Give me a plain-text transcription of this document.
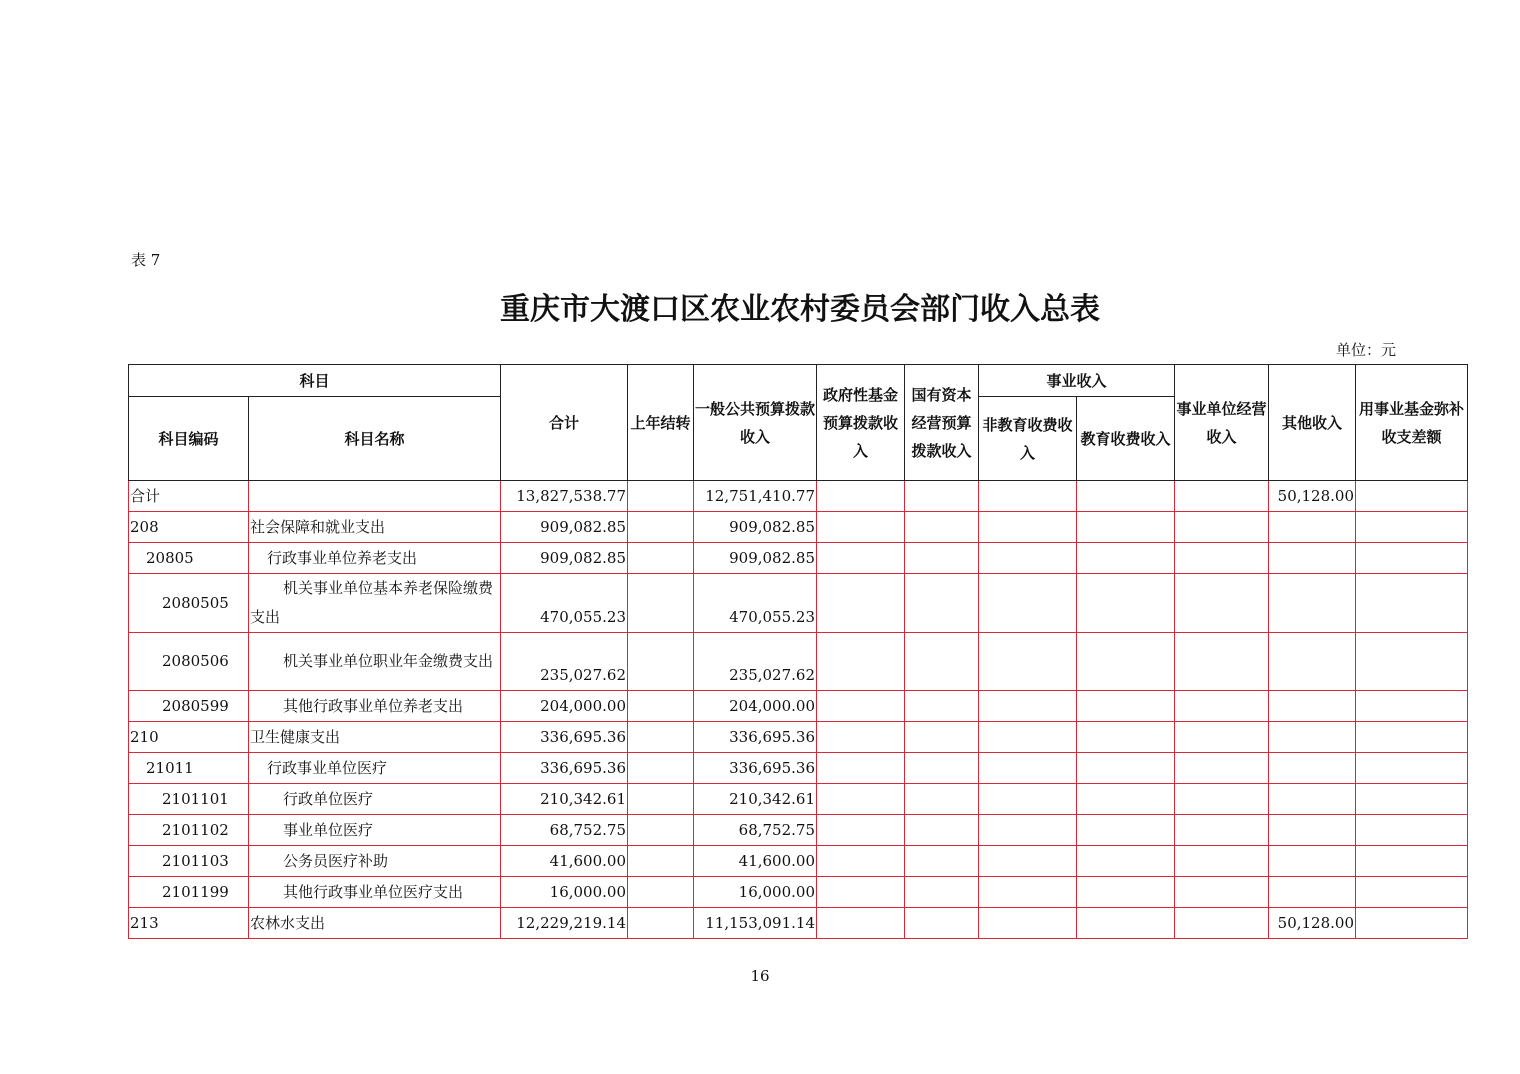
表 7
重庆市大渡口区农业农村委员会部门收入总表
单位：元
科目		合计	上年结转	一般公共预算拨款收入	政府性基金预算拨款收入	国有资本经营预算拨款收入	事业收入		事业单位经营收入	其他收入	用事业基金弥补收支差额
科目编码	科目名称						非教育收费收入	教育收费收入			
合计		13,827,538.77		12,751,410.77						50,128.00	
208	社会保障和就业支出	909,082.85		909,082.85							
20805	行政事业单位养老支出	909,082.85		909,082.85							
2080505	机关事业单位基本养老保险缴费支出	470,055.23		470,055.23							
2080506	机关事业单位职业年金缴费支出	235,027.62		235,027.62							
2080599	其他行政事业单位养老支出	204,000.00		204,000.00							
210	卫生健康支出	336,695.36		336,695.36							
21011	行政事业单位医疗	336,695.36		336,695.36							
2101101	行政单位医疗	210,342.61		210,342.61							
2101102	事业单位医疗	68,752.75		68,752.75							
2101103	公务员医疗补助	41,600.00		41,600.00							
2101199	其他行政事业单位医疗支出	16,000.00		16,000.00							
213	农林水支出	12,229,219.14		11,153,091.14						50,128.00	
16
